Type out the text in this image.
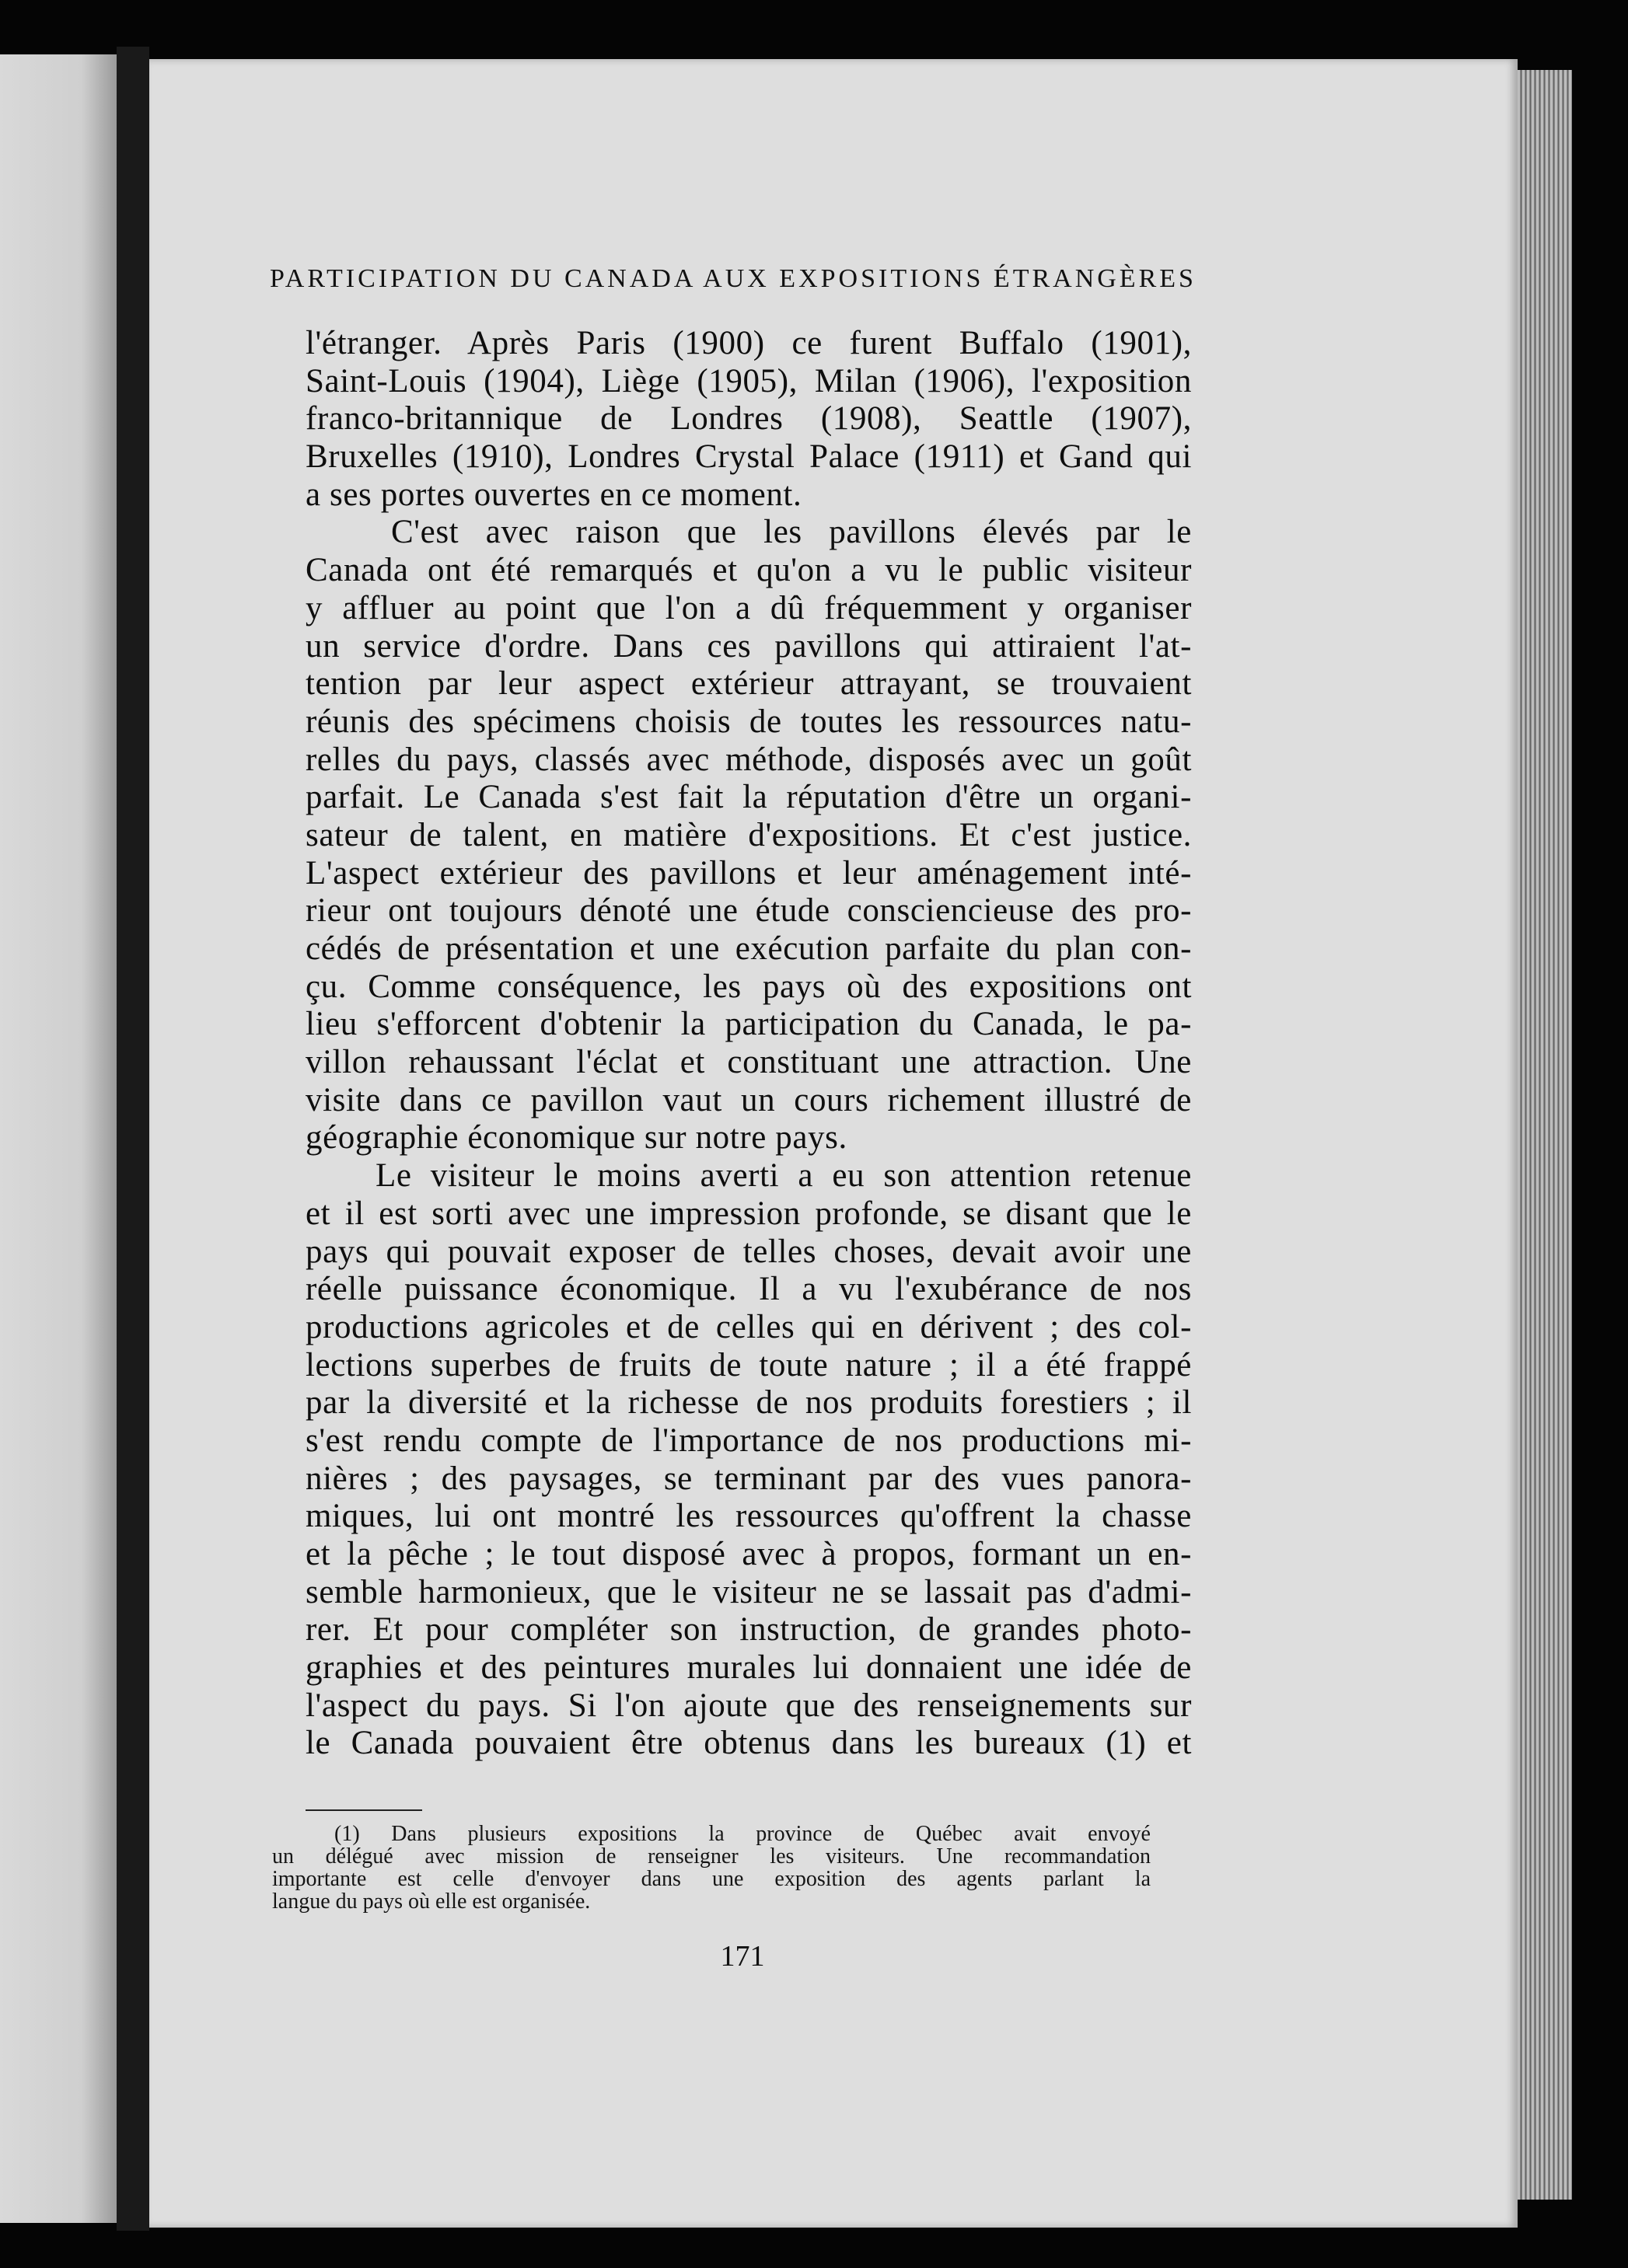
PARTICIPATION DU CANADA AUX EXPOSITIONS ÉTRANGÈRES

l'étranger. Après Paris (1900) ce furent Buffalo (1901),
Saint-Louis (1904), Liège (1905), Milan (1906), l'exposition
franco-britannique de Londres (1908), Seattle (1907),
Bruxelles (1910), Londres Crystal Palace (1911) et Gand qui
a ses portes ouvertes en ce moment.

C'est avec raison que les pavillons élevés par le
Canada ont été remarqués et qu'on a vu le public visiteur
y affluer au point que l'on a dû fréquemment y organiser
un service d'ordre. Dans ces pavillons qui attiraient l'at-
tention par leur aspect extérieur attrayant, se trouvaient
réunis des spécimens choisis de toutes les ressources natu-
relles du pays, classés avec méthode, disposés avec un goût
parfait. Le Canada s'est fait la réputation d'être un organi-
sateur de talent, en matière d'expositions. Et c'est justice.
L'aspect extérieur des pavillons et leur aménagement inté-
rieur ont toujours dénoté une étude consciencieuse des pro-
cédés de présentation et une exécution parfaite du plan con-
çu. Comme conséquence, les pays où des expositions ont
lieu s'efforcent d'obtenir la participation du Canada, le pa-
villon rehaussant l'éclat et constituant une attraction. Une
visite dans ce pavillon vaut un cours richement illustré de
géographie économique sur notre pays.

Le visiteur le moins averti a eu son attention retenue
et il est sorti avec une impression profonde, se disant que le
pays qui pouvait exposer de telles choses, devait avoir une
réelle puissance économique. Il a vu l'exubérance de nos
productions agricoles et de celles qui en dérivent ; des col-
lections superbes de fruits de toute nature ; il a été frappé
par la diversité et la richesse de nos produits forestiers ; il
s'est rendu compte de l'importance de nos productions mi-
nières ; des paysages, se terminant par des vues panora-
miques, lui ont montré les ressources qu'offrent la chasse
et la pêche ; le tout disposé avec à propos, formant un en-
semble harmonieux, que le visiteur ne se lassait pas d'admi-
rer. Et pour compléter son instruction, de grandes photo-
graphies et des peintures murales lui donnaient une idée de
l'aspect du pays. Si l'on ajoute que des renseignements sur
le Canada pouvaient être obtenus dans les bureaux (1) et

(1) Dans plusieurs expositions la province de Québec avait envoyé
un délégué avec mission de renseigner les visiteurs. Une recommandation
importante est celle d'envoyer dans une exposition des agents parlant la
langue du pays où elle est organisée.
171
